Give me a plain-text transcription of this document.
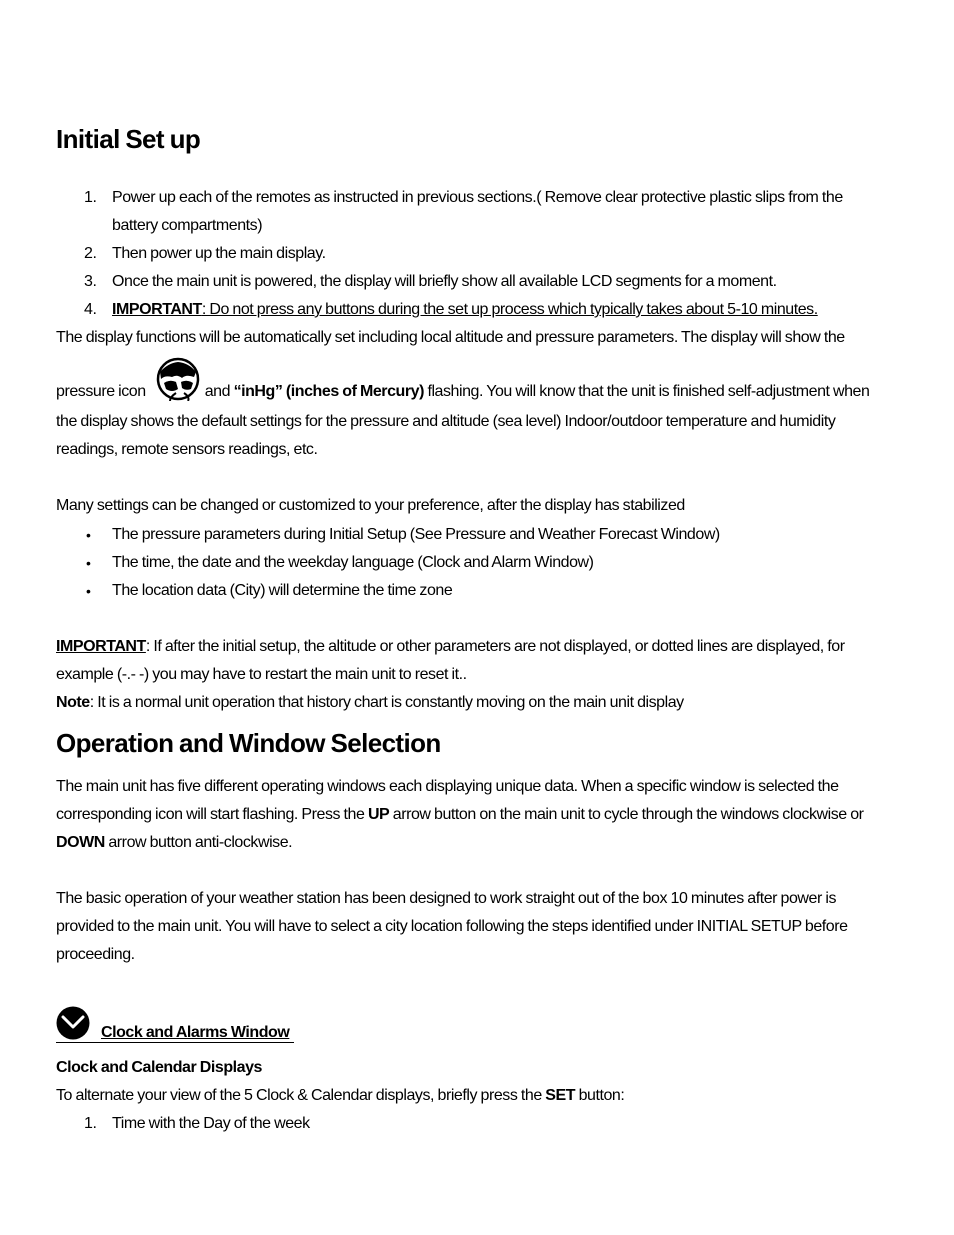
Initial Set up
1. Power up each of the remotes as instructed in previous sections.( Remove clear protective plastic slips from the
battery compartments)
2. Then power up the main display.
3. Once the main unit is powered, the display will briefly show all available LCD segments for a moment.
4. IMPORTANT: Do not press any buttons during the set up process which typically takes about 5-10 minutes.
The display functions will be automatically set including local altitude and pressure parameters. The display will show the
pressure icon	and “inHg” (inches of Mercury) flashing. You will know that the unit is finished self-adjustment when
the display shows the default settings for the pressure and altitude (sea level) Indoor/outdoor temperature and humidity
readings, remote sensors readings, etc.
Many settings can be changed or customized to your preference, after the display has stabilized
• The pressure parameters during Initial Setup (See Pressure and Weather Forecast Window)
• The time, the date and the weekday language (Clock and Alarm Window)
• The location data (City) will determine the time zone
IMPORTANT: If after the initial setup, the altitude or other parameters are not displayed, or dotted lines are displayed, for
example (-.- -) you may have to restart the main unit to reset it..
Note: It is a normal unit operation that history chart is constantly moving on the main unit display
Operation and Window Selection
The main unit has five different operating windows each displaying unique data. When a specific window is selected the
corresponding icon will start flashing. Press the UP arrow button on the main unit to cycle through the windows clockwise or
DOWN arrow button anti-clockwise.
The basic operation of your weather station has been designed to work straight out of the box 10 minutes after power is
provided to the main unit. You will have to select a city location following the steps identified under INITIAL SETUP before
proceeding.
Clock and Alarms Window
Clock and Calendar Displays
To alternate your view of the 5 Clock & Calendar displays, briefly press the SET button:
1. Time with the Day of the week
